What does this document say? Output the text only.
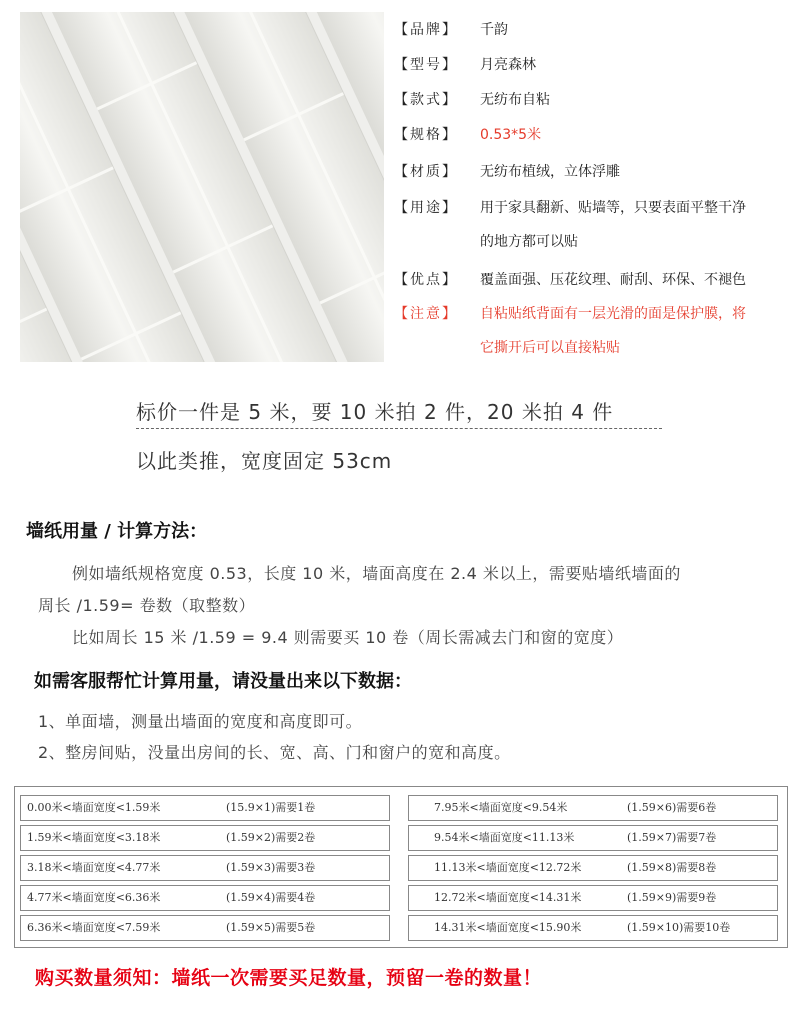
【品牌】 千韵
【型号】 月亮森林
【款式】 无纺布自粘
【规格】 0.53*5米
【材质】 无纺布植绒，立体浮雕
【用途】 用于家具翻新、贴墙等，只要表面平整干净
的地方都可以贴
【优点】 覆盖面强、压花纹理、耐刮、环保、不褪色
【注意】 自粘贴纸背面有一层光滑的面是保护膜，将
它撕开后可以直接粘贴
标价一件是 5 米，要 10 米拍 2 件，20 米拍 4 件
以此类推，宽度固定 53cm
墙纸用量 / 计算方法：
例如墙纸规格宽度 0.53，长度 10 米，墙面高度在 2.4 米以上，需要贴墙纸墙面的
周长 /1.59= 卷数（取整数）
比如周长 15 米 /1.59 = 9.4 则需要买 10 卷（周长需减去门和窗的宽度）
如需客服帮忙计算用量，请没量出来以下数据：
1、单面墙，测量出墙面的宽度和高度即可。
2、整房间贴，没量出房间的长、宽、高、门和窗户的宽和高度。
0.00米<墙面宽度<1.59米	(15.9×1)需要1卷
1.59米<墙面宽度<3.18米	(1.59×2)需要2卷
3.18米<墙面宽度<4.77米	(1.59×3)需要3卷
4.77米<墙面宽度<6.36米	(1.59×4)需要4卷
6.36米<墙面宽度<7.59米	(1.59×5)需要5卷
7.95米<墙面宽度<9.54米	(1.59×6)需要6卷
9.54米<墙面宽度<11.13米	(1.59×7)需要7卷
11.13米<墙面宽度<12.72米	(1.59×8)需要8卷
12.72米<墙面宽度<14.31米	(1.59×9)需要9卷
14.31米<墙面宽度<15.90米	(1.59×10)需要10卷
购买数量须知：墙纸一次需要买足数量，预留一卷的数量！
